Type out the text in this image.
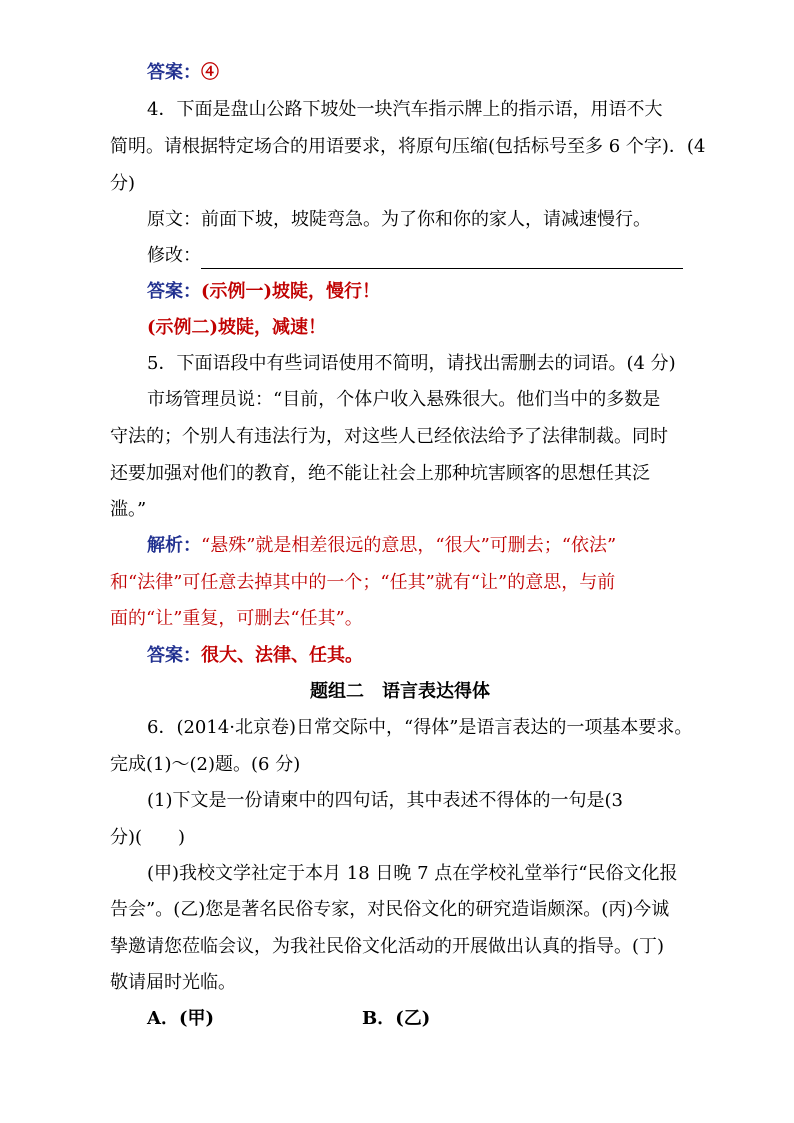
答案：④
4．下面是盘山公路下坡处一块汽车指示牌上的指示语，用语不大
简明。请根据特定场合的用语要求，将原句压缩(包括标号至多 6 个字)．(4
分)
原文：前面下坡，坡陡弯急。为了你和你的家人，请减速慢行。
修改：
答案：(示例一)坡陡，慢行！
(示例二)坡陡，减速！
5．下面语段中有些词语使用不简明，请找出需删去的词语。(4 分)
市场管理员说：“目前，个体户收入悬殊很大。他们当中的多数是
守法的；个别人有违法行为，对这些人已经依法给予了法律制裁。同时
还要加强对他们的教育，绝不能让社会上那种坑害顾客的思想任其泛
滥。”
解析：“悬殊”就是相差很远的意思，“很大”可删去；“依法”
和“法律”可任意去掉其中的一个；“任其”就有“让”的意思，与前
面的“让”重复，可删去“任其”。
答案：很大、法律、任其。
题组二　语言表达得体
6．(2014·北京卷)日常交际中，“得体”是语言表达的一项基本要求。
完成(1)～(2)题。(6 分)
(1)下文是一份请柬中的四句话，其中表述不得体的一句是(3
分)(　　)
(甲)我校文学社定于本月 18 日晚 7 点在学校礼堂举行“民俗文化报
告会”。(乙)您是著名民俗专家，对民俗文化的研究造诣颇深。(丙)今诚
挚邀请您莅临会议，为我社民俗文化活动的开展做出认真的指导。(丁)
敬请届时光临。
A．(甲)	B．(乙)
